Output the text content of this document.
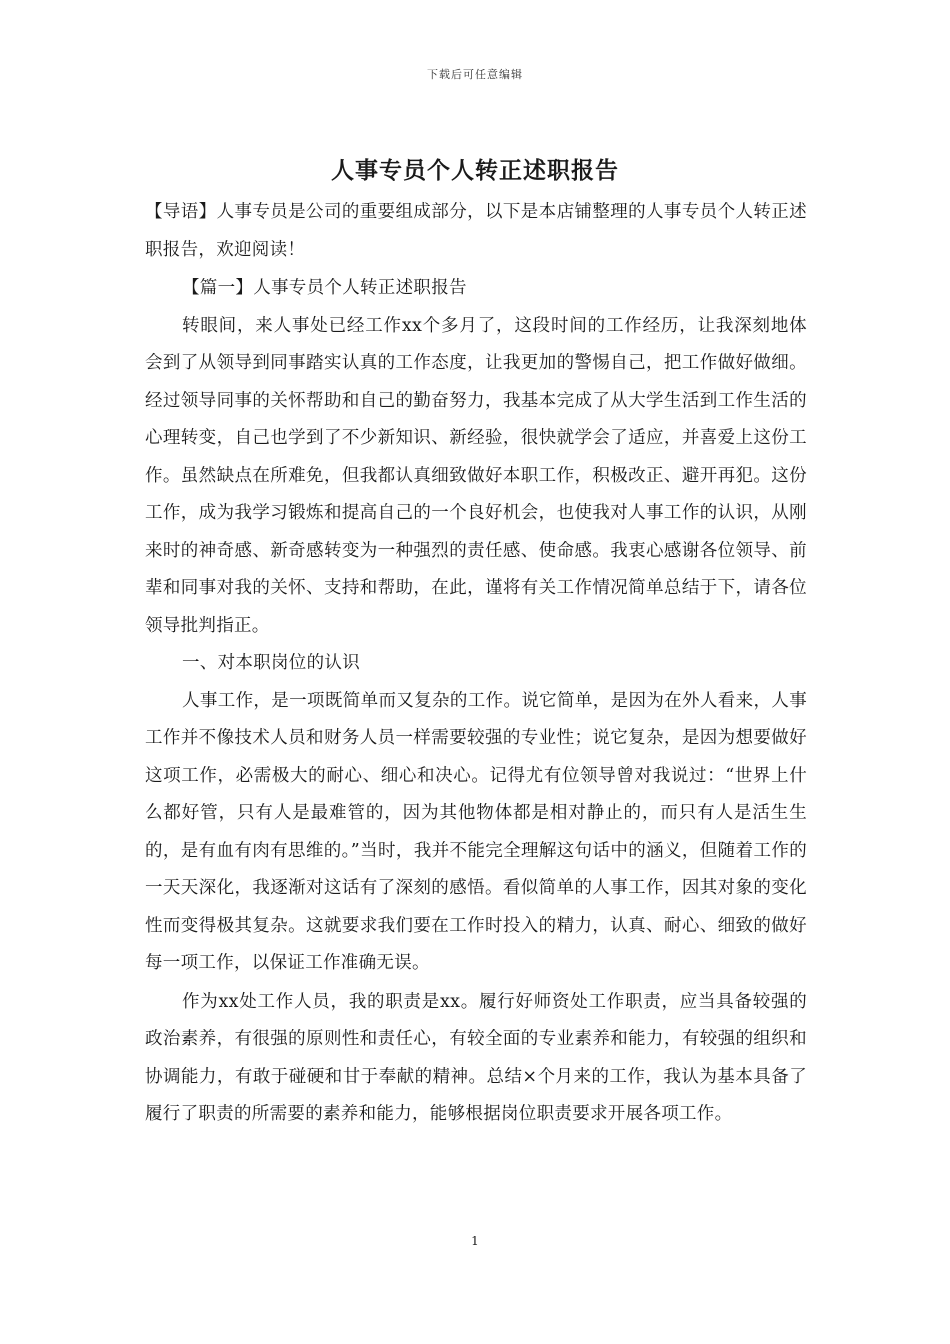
下载后可任意编辑
人事专员个人转正述职报告

【导语】人事专员是公司的重要组成部分，以下是本店铺整理的人事专员个人转正述职报告，欢迎阅读！

【篇一】人事专员个人转正述职报告

转眼间，来人事处已经工作xx个多月了，这段时间的工作经历，让我深刻地体会到了从领导到同事踏实认真的工作态度，让我更加的警惕自己，把工作做好做细。经过领导同事的关怀帮助和自己的勤奋努力，我基本完成了从大学生活到工作生活的心理转变，自己也学到了不少新知识、新经验，很快就学会了适应，并喜爱上这份工作。虽然缺点在所难免，但我都认真细致做好本职工作，积极改正、避开再犯。这份工作，成为我学习锻炼和提高自己的一个良好机会，也使我对人事工作的认识，从刚来时的神奇感、新奇感转变为一种强烈的责任感、使命感。我衷心感谢各位领导、前辈和同事对我的关怀、支持和帮助，在此，谨将有关工作情况简单总结于下，请各位领导批判指正。

一、对本职岗位的认识

人事工作，是一项既简单而又复杂的工作。说它简单，是因为在外人看来，人事工作并不像技术人员和财务人员一样需要较强的专业性；说它复杂，是因为想要做好这项工作，必需极大的耐心、细心和决心。记得尤有位领导曾对我说过：“世界上什么都好管，只有人是最难管的，因为其他物体都是相对静止的，而只有人是活生生的，是有血有肉有思维的。”当时，我并不能完全理解这句话中的涵义，但随着工作的一天天深化，我逐渐对这话有了深刻的感悟。看似简单的人事工作，因其对象的变化性而变得极其复杂。这就要求我们要在工作时投入的精力，认真、耐心、细致的做好每一项工作，以保证工作准确无误。

作为xx处工作人员，我的职责是xx。履行好师资处工作职责，应当具备较强的政治素养，有很强的原则性和责任心，有较全面的专业素养和能力，有较强的组织和协调能力，有敢于碰硬和甘于奉献的精神。总结×个月来的工作，我认为基本具备了履行了职责的所需要的素养和能力，能够根据岗位职责要求开展各项工作。

1
